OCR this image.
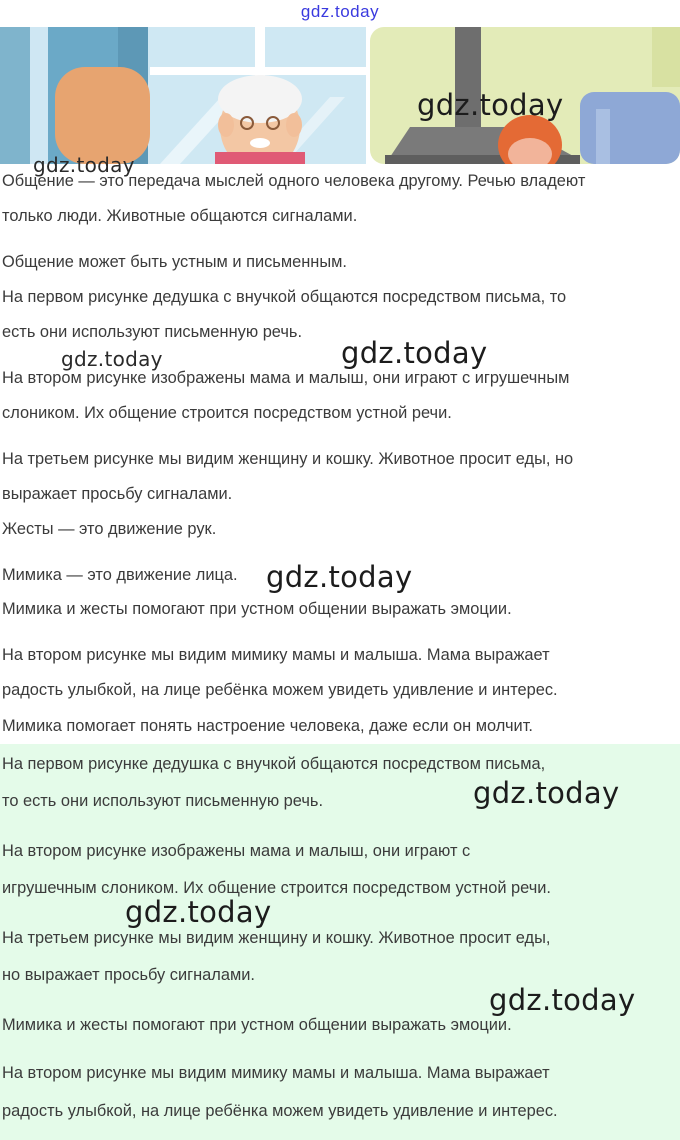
gdz.today
Общение — это передача мыслей одного человека другому. Речью владеют
только люди. Животные общаются сигналами.
Общение может быть устным и письменным.
На первом рисунке дедушка с внучкой общаются посредством письма, то
есть они используют письменную речь.
На втором рисунке изображены мама и малыш, они играют с игрушечным
слоником. Их общение строится посредством устной речи.
На третьем рисунке мы видим женщину и кошку. Животное просит еды, но
выражает просьбу сигналами.
Жесты — это движение рук.
Мимика — это движение лица.
Мимика и жесты помогают при устном общении выражать эмоции.
На втором рисунке мы видим мимику мамы и малыша. Мама выражает
радость улыбкой, на лице ребёнка можем увидеть удивление и интерес.
Мимика помогает понять настроение человека, даже если он молчит.
На первом рисунке дедушка с внучкой общаются посредством письма,
то есть они используют письменную речь.
На втором рисунке изображены мама и малыш, они играют с
игрушечным слоником. Их общение строится посредством устной речи.
На третьем рисунке мы видим женщину и кошку. Животное просит еды,
но выражает просьбу сигналами.
Мимика и жесты помогают при устном общении выражать эмоции.
На втором рисунке мы видим мимику мамы и малыша. Мама выражает
радость улыбкой, на лице ребёнка можем увидеть удивление и интерес.
gdz.today
gdz.today
gdz.today	gdz.today
gdz.today
gdz.today
gdz.today
gdz.today
